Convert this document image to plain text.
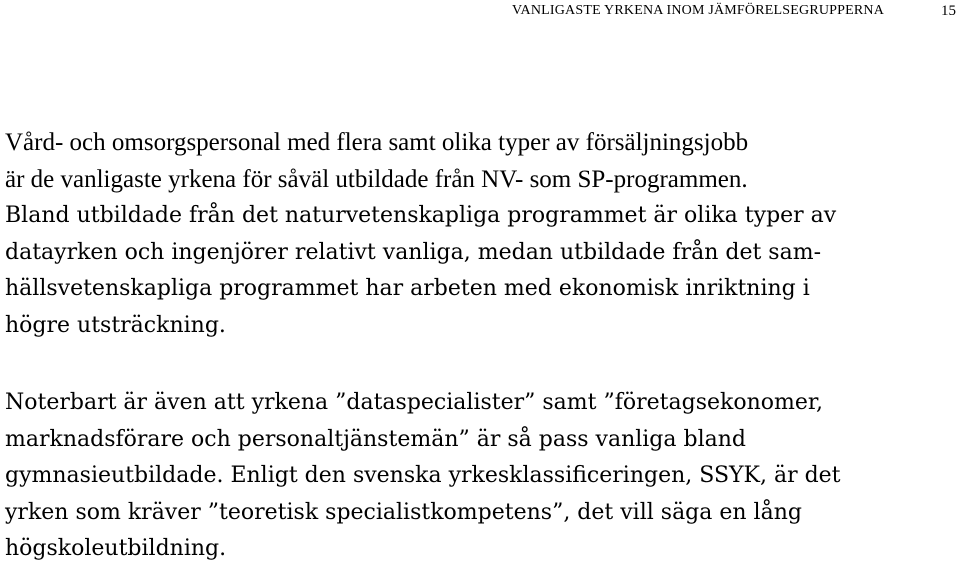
VANLIGASTE YRKENA INOM JÄMFÖRELSEGRUPPERNA	15
Vård- och omsorgspersonal med flera samt olika typer av försäljningsjobb
är de vanligaste yrkena för såväl utbildade från NV- som SP-programmen.
Bland utbildade från det naturvetenskapliga programmet är olika typer av
datayrken och ingenjörer relativt vanliga, medan utbildade från det sam-
hällsvetenskapliga programmet har arbeten med ekonomisk inriktning i
högre utsträckning.
Noterbart är även att yrkena ”dataspecialister” samt ”företagsekonomer,
marknadsförare och personaltjänstemän” är så pass vanliga bland
gymnasieutbildade. Enligt den svenska yrkesklassificeringen, SSYK, är det
yrken som kräver ”teoretisk specialistkompetens”, det vill säga en lång
högskoleutbildning.
